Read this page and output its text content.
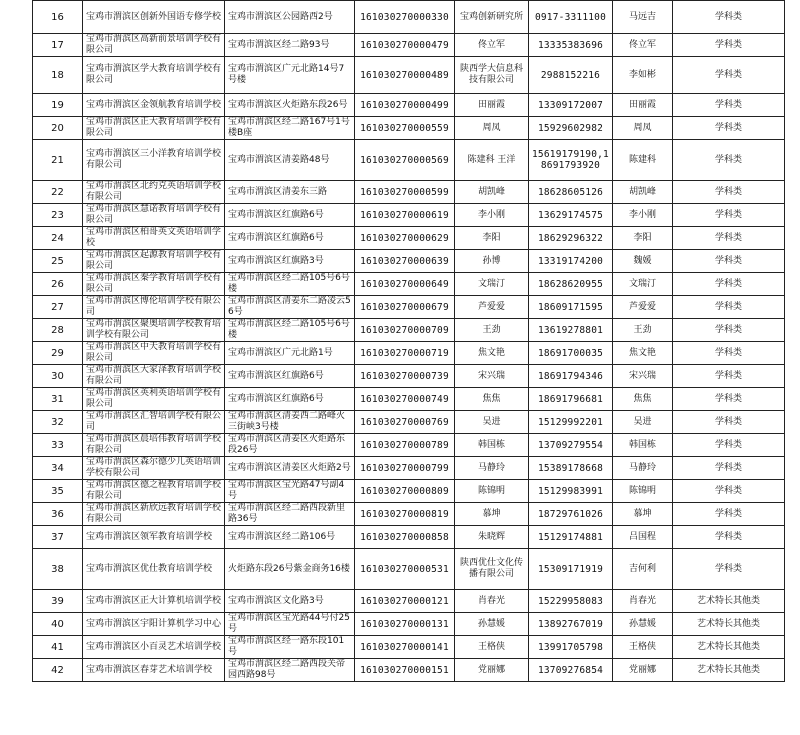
16	宝鸡市渭滨区创新外国语专修学校	宝鸡市渭滨区公园路西2号	161030270000330	宝鸡创新研究所	0917-3311100	马远吉	学科类
17	宝鸡市渭滨区高新前景培训学校有限公司	宝鸡市渭滨区经二路93号	161030270000479	佟立军	13335383696	佟立军	学科类
18	宝鸡市渭滨区学大教育培训学校有限公司	宝鸡市渭滨区广元北路14号7号楼	161030270000489	陕西学大信息科技有限公司	2988152216	李如彬	学科类
19	宝鸡市渭滨区金领航教育培训学校	宝鸡市渭滨区火炬路东段26号	161030270000499	田丽霞	13309172007	田丽霞	学科类
20	宝鸡市渭滨区正大教育培训学校有限公司	宝鸡市渭滨区经二路167号1号楼B座	161030270000559	周凤	15929602982	周凤	学科类
21	宝鸡市渭滨区三小洋教育培训学校有限公司	宝鸡市渭滨区清姜路48号	161030270000569	陈建科 王洋	15619179190,18691793920	陈建科	学科类
22	宝鸡市渭滨区北约克英语培训学校有限公司	宝鸡市渭滨区清姜东三路	161030270000599	胡凯峰	18628605126	胡凯峰	学科类
23	宝鸡市渭滨区慧诺教育培训学校有限公司	宝鸡市渭滨区红旗路6号	161030270000619	李小刚	13629174575	李小刚	学科类
24	宝鸡市渭滨区柏哥英文英语培训学校	宝鸡市渭滨区红旗路6号	161030270000629	李阳	18629296322	李阳	学科类
25	宝鸡市渭滨区起源教育培训学校有限公司	宝鸡市渭滨区红旗路3号	161030270000639	孙博	13319174200	魏媛	学科类
26	宝鸡市渭滨区秦学教育培训学校有限公司	宝鸡市渭滨区经二路105号6号楼	161030270000649	文瑞汀	18628620955	文瑞汀	学科类
27	宝鸡市渭滨区博伦培训学校有限公司	宝鸡市渭滨区清姜东二路凌云56号	161030270000679	芦爱爱	18609171595	芦爱爱	学科类
28	宝鸡市渭滨区聚奥培训学校教育培训学校有限公司	宝鸡市渭滨区经二路105号6号楼	161030270000709	王劲	13619278801	王劲	学科类
29	宝鸡市渭滨区中天教育培训学校有限公司	宝鸡市渭滨区广元北路1号	161030270000719	焦文艳	18691700035	焦文艳	学科类
30	宝鸡市渭滨区大家泽教育培训学校有限公司	宝鸡市渭滨区红旗路6号	161030270000739	宋兴瑞	18691794346	宋兴瑞	学科类
31	宝鸡市渭滨区英利英语培训学校有限公司	宝鸡市渭滨区红旗路6号	161030270000749	焦焦	18691796681	焦焦	学科类
32	宝鸡市渭滨区汇智培训学校有限公司	宝鸡市渭滨区清姜西二路峰火三街峡3号楼	161030270000769	吴进	15129992201	吴进	学科类
33	宝鸡市渭滨区晨培伟教育培训学校有限公司	宝鸡市渭滨区清姜区火炬路东段26号	161030270000789	韩国栋	13709279554	韩国栋	学科类
34	宝鸡市渭滨区森尔德少儿英语培训学校有限公司	宝鸡市渭滨区清姜区火炬路2号	161030270000799	马静玲	15389178668	马静玲	学科类
35	宝鸡市渭滨区德之程教育培训学校有限公司	宝鸡市渭滨区宝光路47号副4号	161030270000809	陈锦明	15129983991	陈锦明	学科类
36	宝鸡市渭滨区新欣远教育培训学校有限公司	宝鸡市渭滨区经二路西段新里路36号	161030270000819	慕坤	18729761026	慕坤	学科类
37	宝鸡市渭滨区领军教育培训学校	宝鸡市渭滨区经二路106号	161030270000858	朱晓辉	15129174881	吕国程	学科类
38	宝鸡市渭滨区优仕教育培训学校	火炬路东段26号紫金商务16楼	161030270000531	陕西优仕文化传播有限公司	15309171919	吉何利	学科类
39	宝鸡市渭滨区正大计算机培训学校	宝鸡市渭滨区文化路3号	161030270000121	肖春光	15229958083	肖春光	艺术特长其他类
40	宝鸡市渭滨区宇阳计算机学习中心	宝鸡市渭滨区宝光路44号付25号	161030270000131	孙慧媛	13892767019	孙慧媛	艺术特长其他类
41	宝鸡市渭滨区小百灵艺术培训学校	宝鸡市渭滨区经一路东段101号	161030270000141	王格侠	13991705798	王格侠	艺术特长其他类
42	宝鸡市渭滨区春芽艺术培训学校	宝鸡市渭滨区经二路西段关帝园西路98号	161030270000151	党丽娜	13709276854	党丽娜	艺术特长其他类
